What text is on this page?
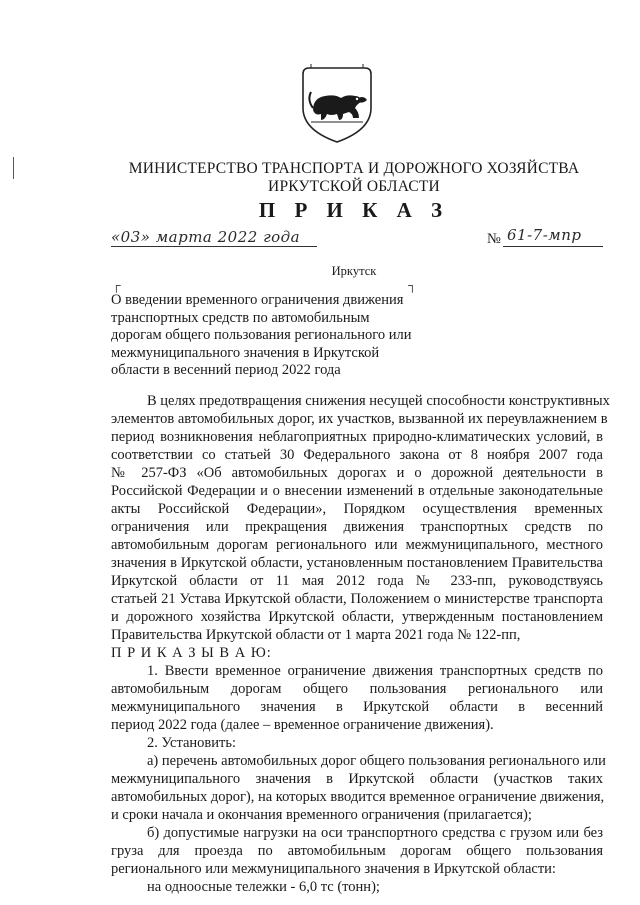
МИНИСТЕРСТВО ТРАНСПОРТА И ДОРОЖНОГО ХОЗЯЙСТВА
ИРКУТСКОЙ ОБЛАСТИ
П Р И К А З
«03» марта 2022 года	№ 61-7-мпр
Иркутск
┌	┐
О введении временного ограничения движения
транспортных средств по автомобильным
дорогам общего пользования регионального или
межмуниципального значения в Иркутской
области в весенний период 2022 года
В целях предотвращения снижения несущей способности конструктивных
элементов автомобильных дорог, их участков, вызванной их переувлажнением в
период возникновения неблагоприятных природно-климатических условий, в
соответствии со статьей 30 Федерального закона от 8 ноября 2007 года
№ 257-ФЗ «Об автомобильных дорогах и о дорожной деятельности в
Российской Федерации и о внесении изменений в отдельные законодательные
акты Российской Федерации», Порядком осуществления временных
ограничения или прекращения движения транспортных средств по
автомобильным дорогам регионального или межмуниципального, местного
значения в Иркутской области, установленным постановлением Правительства
Иркутской области от 11 мая 2012 года № 233-пп, руководствуясь
статьей 21 Устава Иркутской области, Положением о министерстве транспорта
и дорожного хозяйства Иркутской области, утвержденным постановлением
Правительства Иркутской области от 1 марта 2021 года № 122-пп,
П Р И К А З Ы В А Ю:
1. Ввести временное ограничение движения транспортных средств по
автомобильным дорогам общего пользования регионального или
межмуниципального значения в Иркутской области в весенний
период 2022 года (далее – временное ограничение движения).
2. Установить:
а) перечень автомобильных дорог общего пользования регионального или
межмуниципального значения в Иркутской области (участков таких
автомобильных дорог), на которых вводится временное ограничение движения,
и сроки начала и окончания временного ограничения (прилагается);
б) допустимые нагрузки на оси транспортного средства с грузом или без
груза для проезда по автомобильным дорогам общего пользования
регионального или межмуниципального значения в Иркутской области:
на одноосные тележки - 6,0 тс (тонн);
